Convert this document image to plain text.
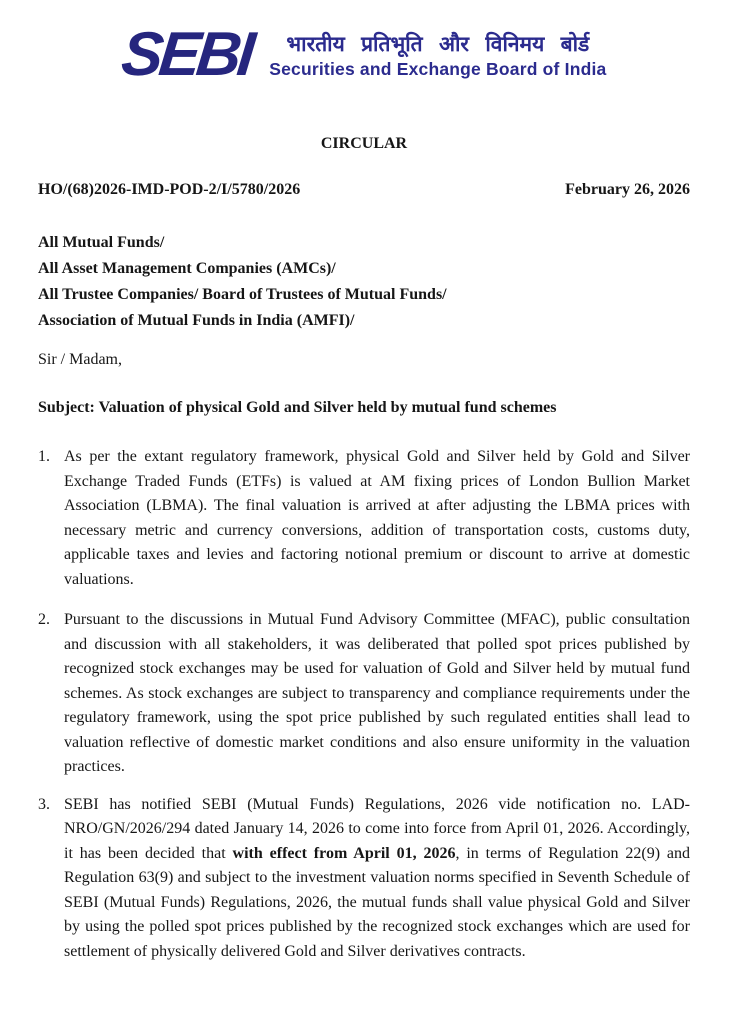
SEBI	भारतीय प्रतिभूति और विनिमय बोर्ड
Securities and Exchange Board of India
CIRCULAR
HO/(68)2026-IMD-POD-2/I/5780/2026	February 26, 2026
All Mutual Funds/
All Asset Management Companies (AMCs)/
All Trustee Companies/ Board of Trustees of Mutual Funds/
Association of Mutual Funds in India (AMFI)/
Sir / Madam,
Subject: Valuation of physical Gold and Silver held by mutual fund schemes
1. As per the extant regulatory framework, physical Gold and Silver held by Gold and Silver Exchange Traded Funds (ETFs) is valued at AM fixing prices of London Bullion Market Association (LBMA). The final valuation is arrived at after adjusting the LBMA prices with necessary metric and currency conversions, addition of transportation costs, customs duty, applicable taxes and levies and factoring notional premium or discount to arrive at domestic valuations.
2. Pursuant to the discussions in Mutual Fund Advisory Committee (MFAC), public consultation and discussion with all stakeholders, it was deliberated that polled spot prices published by recognized stock exchanges may be used for valuation of Gold and Silver held by mutual fund schemes. As stock exchanges are subject to transparency and compliance requirements under the regulatory framework, using the spot price published by such regulated entities shall lead to valuation reflective of domestic market conditions and also ensure uniformity in the valuation practices.
3. SEBI has notified SEBI (Mutual Funds) Regulations, 2026 vide notification no. LAD-NRO/GN/2026/294 dated January 14, 2026 to come into force from April 01, 2026. Accordingly, it has been decided that with effect from April 01, 2026, in terms of Regulation 22(9) and Regulation 63(9) and subject to the investment valuation norms specified in Seventh Schedule of SEBI (Mutual Funds) Regulations, 2026, the mutual funds shall value physical Gold and Silver by using the polled spot prices published by the recognized stock exchanges which are used for settlement of physically delivered Gold and Silver derivatives contracts.
